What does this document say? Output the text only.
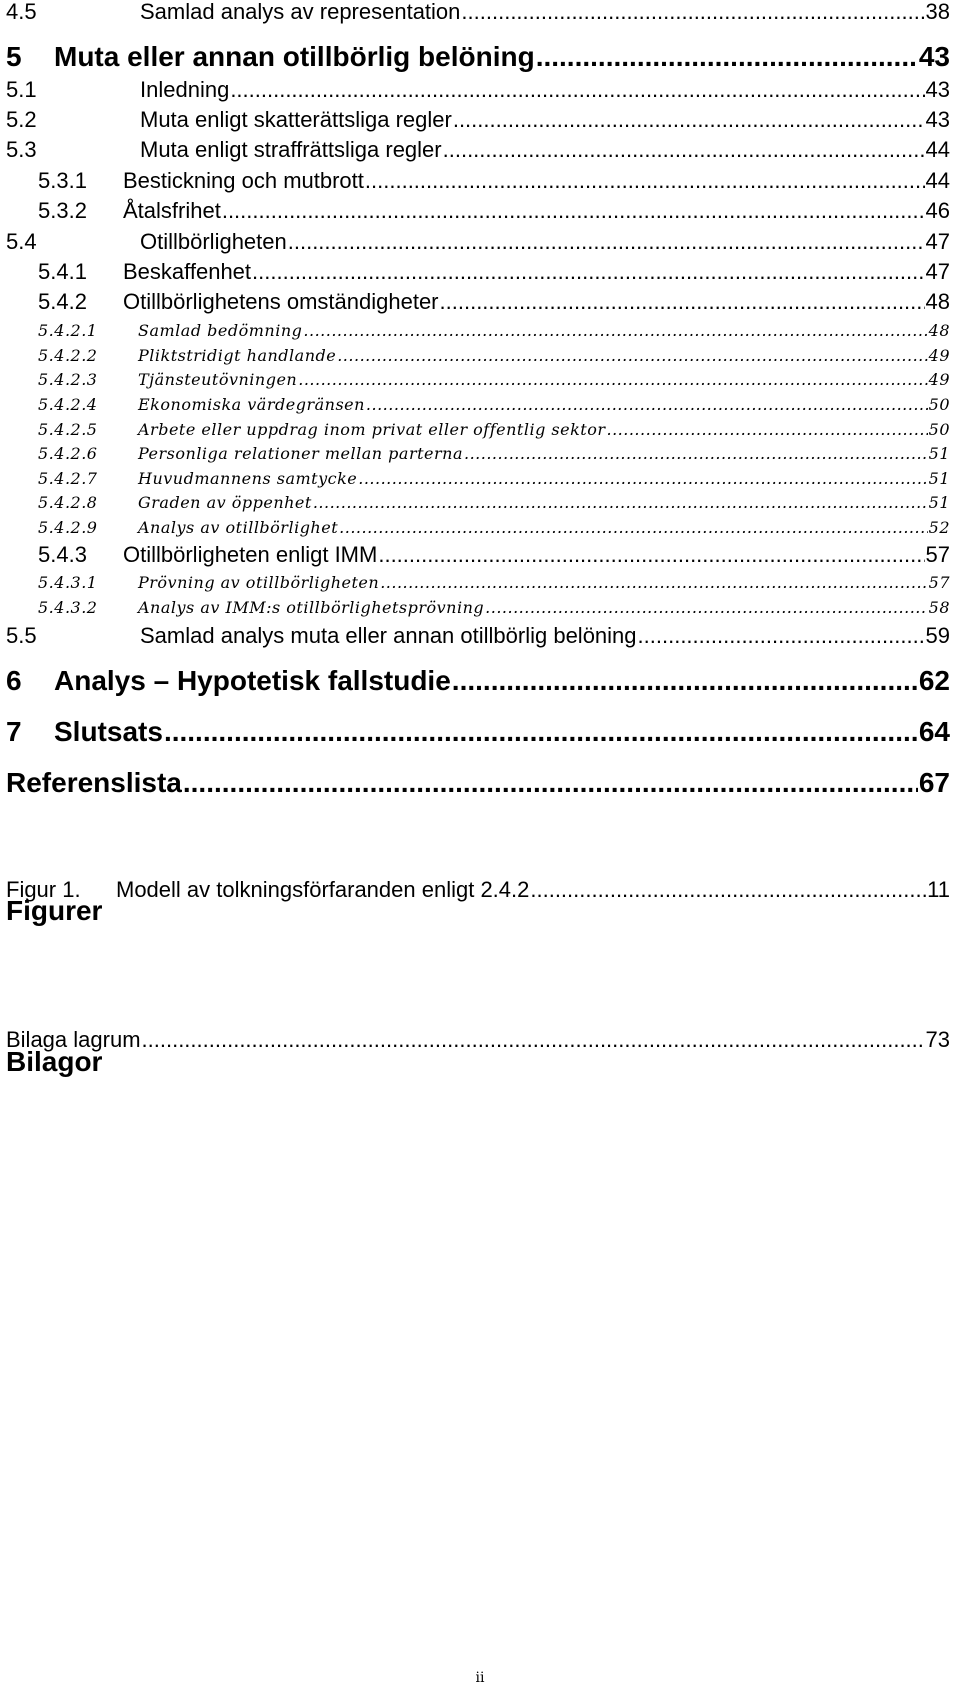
4.5	Samlad analys av representation .....	38
5	Muta eller annan otillbörlig belöning .....	43
5.1	Inledning .....	43
5.2	Muta enligt skatterättsliga regler .....	43
5.3	Muta enligt straffrättsliga regler .....	44
5.3.1	Bestickning och mutbrott .....	44
5.3.2	Åtalsfrihet .....	46
5.4	Otillbörligheten .....	47
5.4.1	Beskaffenhet .....	47
5.4.2	Otillbörlighetens omständigheter .....	48
5.4.2.1	Samlad bedömning .....	48
5.4.2.2	Pliktstridigt handlande .....	49
5.4.2.3	Tjänsteutövningen .....	49
5.4.2.4	Ekonomiska värdegränsen .....	50
5.4.2.5	Arbete eller uppdrag inom privat eller offentlig sektor .....	50
5.4.2.6	Personliga relationer mellan parterna .....	51
5.4.2.7	Huvudmannens samtycke .....	51
5.4.2.8	Graden av öppenhet .....	51
5.4.2.9	Analys av otillbörlighet .....	52
5.4.3	Otillbörligheten enligt IMM .....	57
5.4.3.1	Prövning av otillbörligheten .....	57
5.4.3.2	Analys av IMM:s otillbörlighetsprövning .....	58
5.5	Samlad analys muta eller annan otillbörlig belöning .....	59
6	Analys – Hypotetisk fallstudie .....	62
7	Slutsats .....	64
Referenslista .....	67
Figurer
Figur 1.	Modell av tolkningsförfaranden enligt 2.4.2 .....	11
Bilagor
Bilaga lagrum .....	73
ii
